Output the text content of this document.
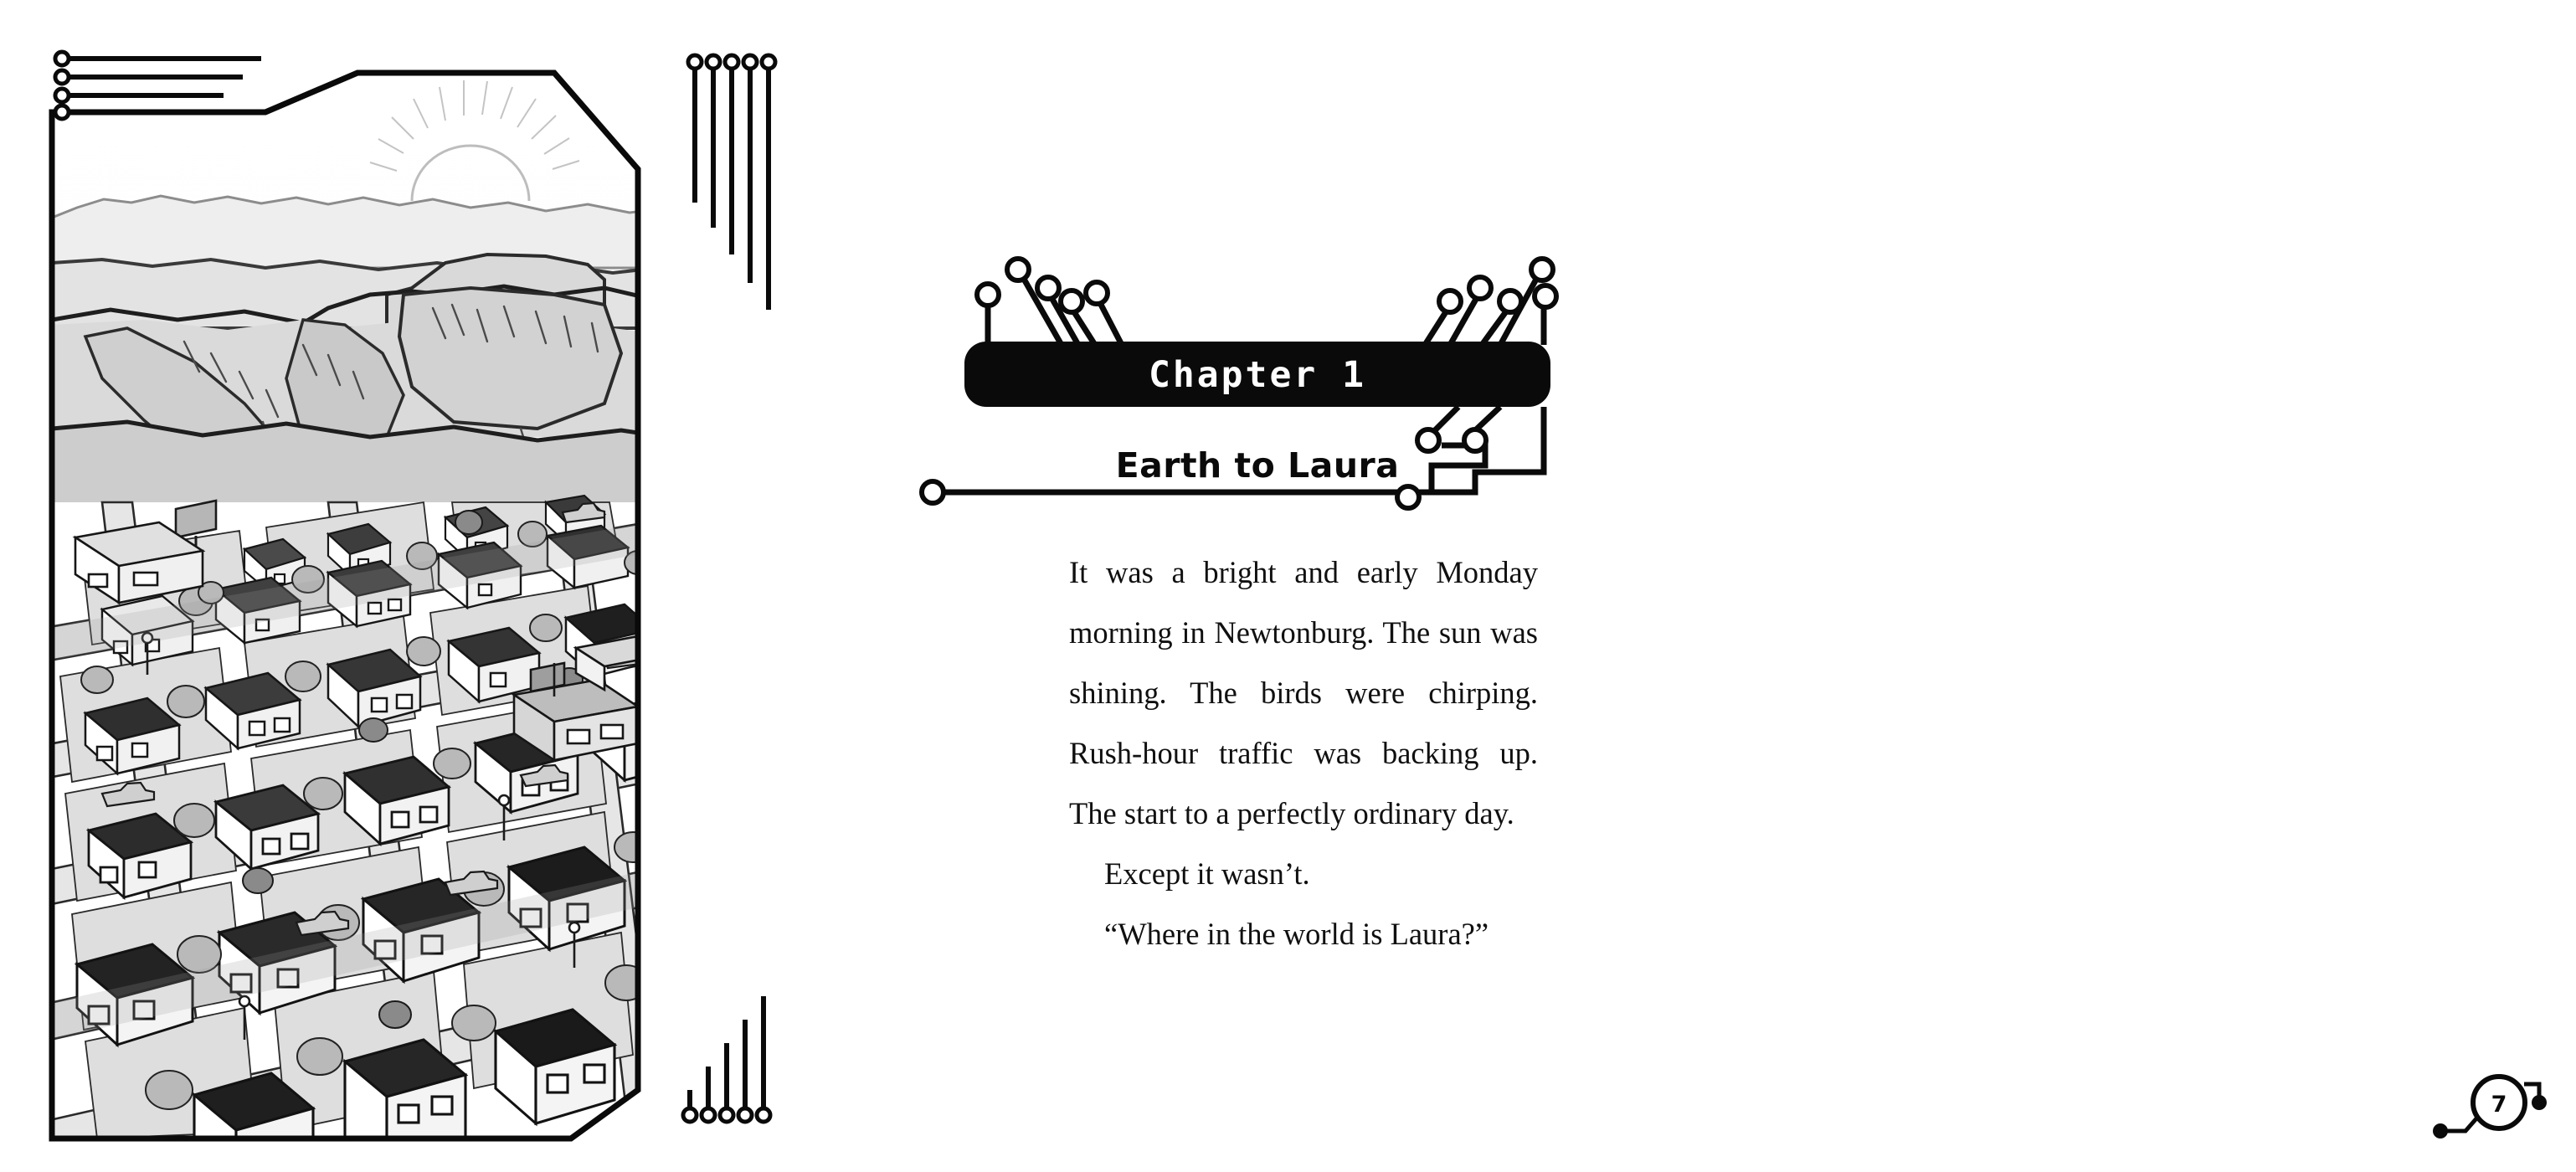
Chapter 1
Earth to Laura

It was a bright and early Monday morning in Newtonburg. The sun was shining. The birds were chirping. Rush-hour traffic was backing up. The start to a perfectly ordinary day.

Except it wasn’t.

“Where in the world is Laura?”

7
